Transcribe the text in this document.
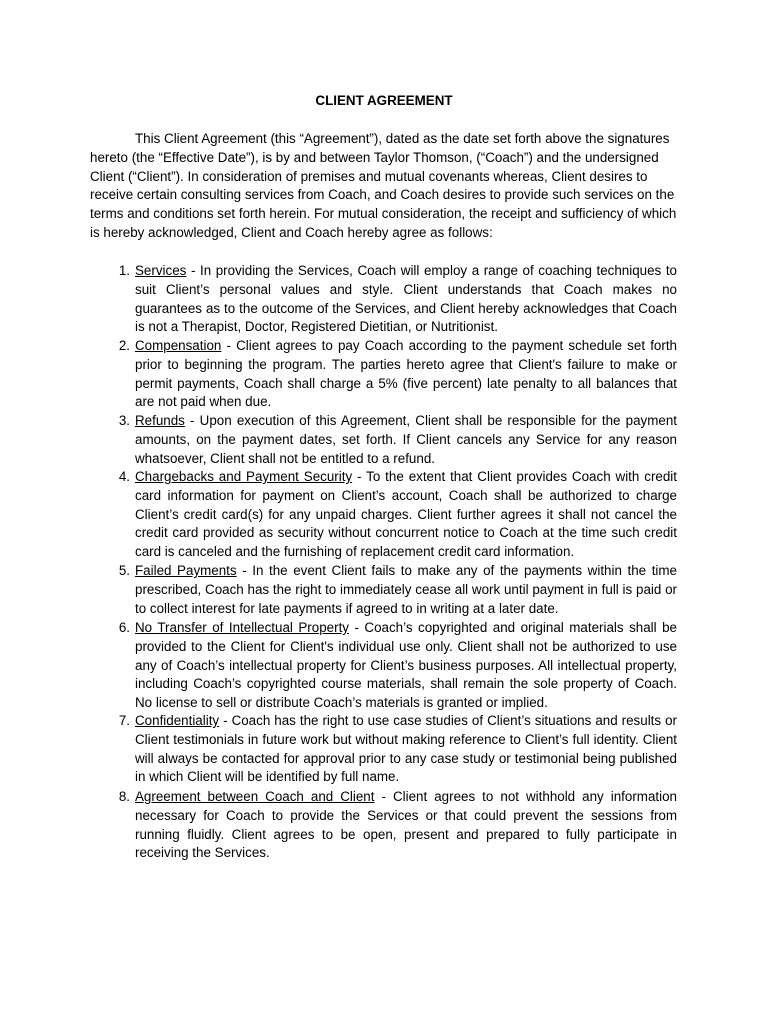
CLIENT AGREEMENT

This Client Agreement (this “Agreement”), dated as the date set forth above the signatures hereto (the “Effective Date”), is by and between Taylor Thomson, (“Coach”) and the undersigned Client (“Client”). In consideration of premises and mutual covenants whereas, Client desires to receive certain consulting services from Coach, and Coach desires to provide such services on the terms and conditions set forth herein. For mutual consideration, the receipt and sufficiency of which is hereby acknowledged, Client and Coach hereby agree as follows:

1. Services - In providing the Services, Coach will employ a range of coaching techniques to suit Client’s personal values and style. Client understands that Coach makes no guarantees as to the outcome of the Services, and Client hereby acknowledges that Coach is not a Therapist, Doctor, Registered Dietitian, or Nutritionist.

2. Compensation - Client agrees to pay Coach according to the payment schedule set forth prior to beginning the program. The parties hereto agree that Client's failure to make or permit payments, Coach shall charge a 5% (five percent) late penalty to all balances that are not paid when due.

3. Refunds - Upon execution of this Agreement, Client shall be responsible for the payment amounts, on the payment dates, set forth. If Client cancels any Service for any reason whatsoever, Client shall not be entitled to a refund.

4. Chargebacks and Payment Security - To the extent that Client provides Coach with credit card information for payment on Client’s account, Coach shall be authorized to charge Client’s credit card(s) for any unpaid charges. Client further agrees it shall not cancel the credit card provided as security without concurrent notice to Coach at the time such credit card is canceled and the furnishing of replacement credit card information.

5. Failed Payments - In the event Client fails to make any of the payments within the time prescribed, Coach has the right to immediately cease all work until payment in full is paid or to collect interest for late payments if agreed to in writing at a later date.

6. No Transfer of Intellectual Property - Coach’s copyrighted and original materials shall be provided to the Client for Client's individual use only. Client shall not be authorized to use any of Coach’s intellectual property for Client’s business purposes. All intellectual property, including Coach’s copyrighted course materials, shall remain the sole property of Coach. No license to sell or distribute Coach’s materials is granted or implied.

7. Confidentiality - Coach has the right to use case studies of Client’s situations and results or Client testimonials in future work but without making reference to Client’s full identity. Client will always be contacted for approval prior to any case study or testimonial being published in which Client will be identified by full name.

8. Agreement between Coach and Client - Client agrees to not withhold any information necessary for Coach to provide the Services or that could prevent the sessions from running fluidly. Client agrees to be open, present and prepared to fully participate in receiving the Services.
